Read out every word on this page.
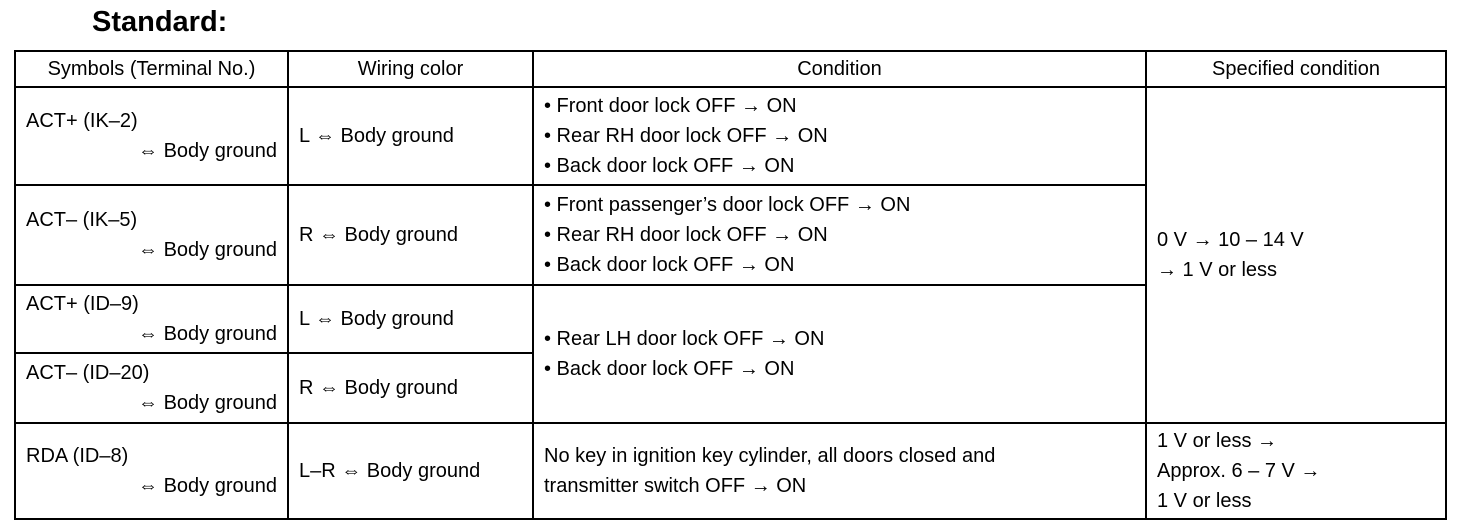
Standard:
Symbols (Terminal No.)	Wiring color	Condition	Specified condition

ACT+ (IK–2)
⇔ Body ground	L ⇔ Body ground	• Front door lock OFF → ON
• Rear RH door lock OFF → ON
• Back door lock OFF → ON	0 V → 10 – 14 V
→ 1 V or less

ACT– (IK–5)
⇔ Body ground	R ⇔ Body ground	• Front passenger’s door lock OFF → ON
• Rear RH door lock OFF → ON
• Back door lock OFF → ON	

ACT+ (ID–9)
⇔ Body ground	L ⇔ Body ground	• Rear LH door lock OFF → ON
• Back door lock OFF → ON	

ACT– (ID–20)
⇔ Body ground	R ⇔ Body ground		

RDA (ID–8)
⇔ Body ground	L–R ⇔ Body ground	No key in ignition key cylinder, all doors closed and
transmitter switch OFF → ON	1 V or less →
Approx. 6 – 7 V →
1 V or less
